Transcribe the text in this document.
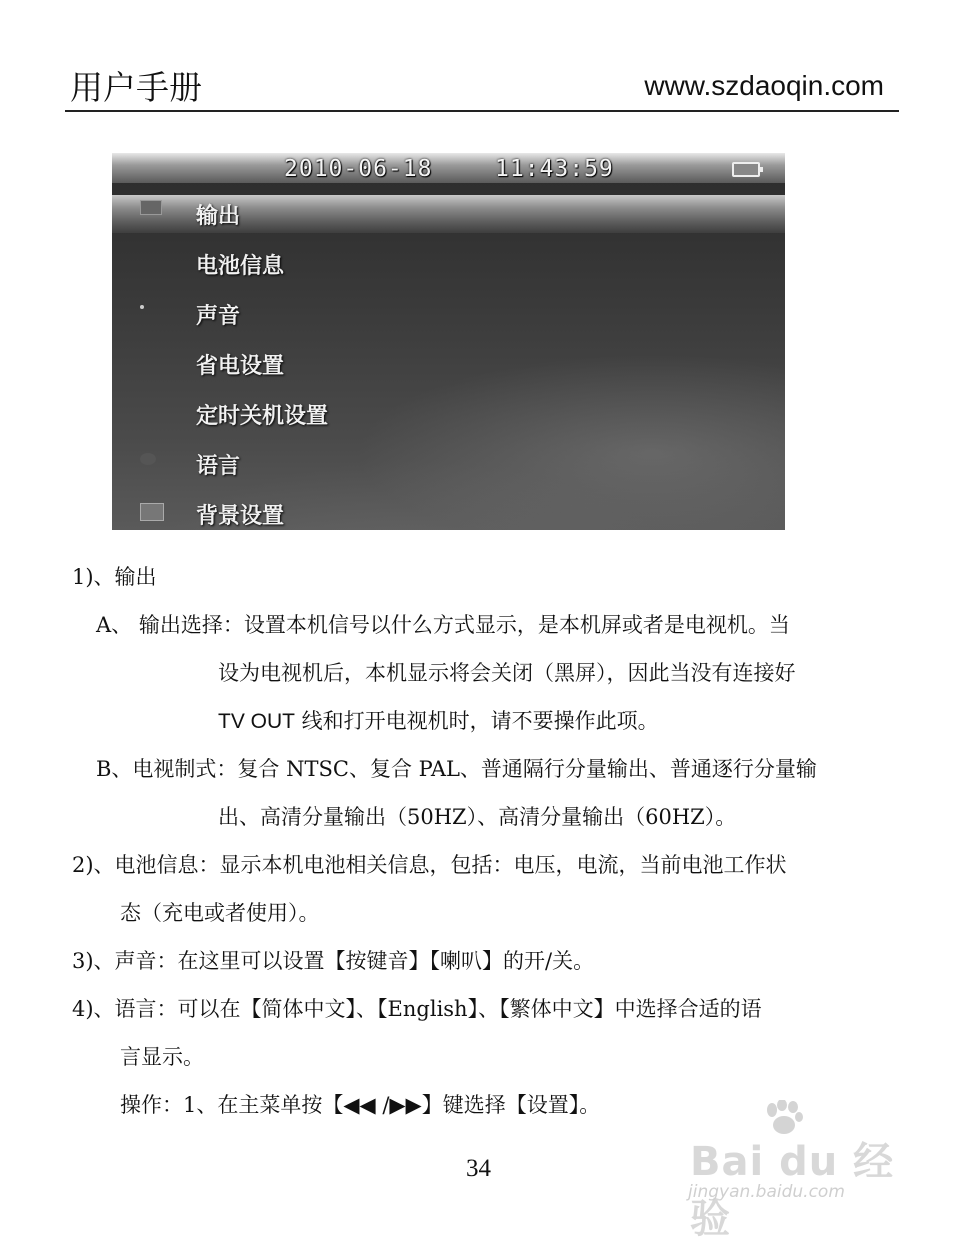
用户手册	www.szdaoqin.com
2010-06-18	11:43:59
输出
电池信息
声音
省电设置
定时关机设置
语言
背景设置
1)、输出
A、 输出选择：设置本机信号以什么方式显示，是本机屏或者是电视机。当
设为电视机后，本机显示将会关闭（黑屏），因此当没有连接好
TV OUT 线和打开电视机时，请不要操作此项。
B、电视制式：复合 NTSC、复合 PAL、普通隔行分量输出、普通逐行分量输
出、高清分量输出（50HZ）、高清分量输出（60HZ）。
2)、电池信息：显示本机电池相关信息，包括：电压，电流，当前电池工作状
态（充电或者使用）。
3)、声音：在这里可以设置【按键音】【喇叭】的开/关。
4)、语言：可以在【简体中文】、【English】、【繁体中文】中选择合适的语
言显示。
操作：1、在主菜单按【◀◀ /▶▶】键选择【设置】。
34	Bai du 经验
jingyan.baidu.com
